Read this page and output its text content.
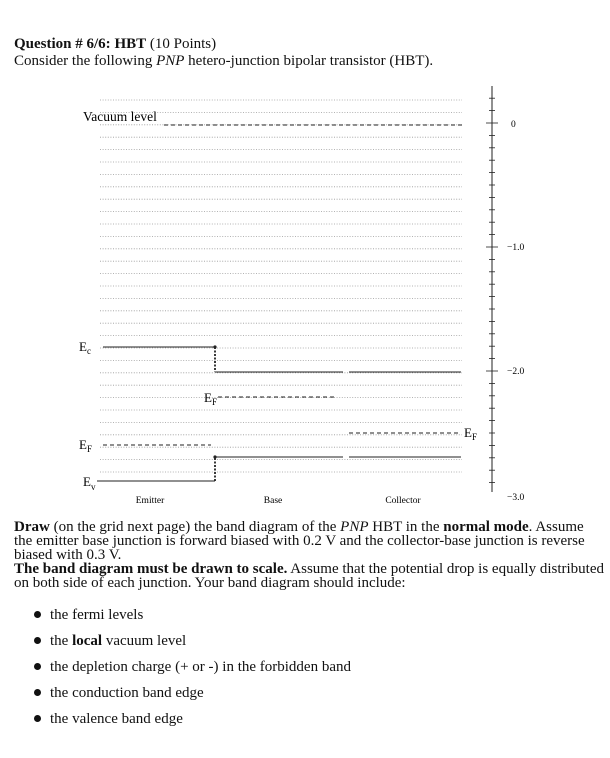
Question # 6/6: HBT (10 Points)
Consider the following PNP hetero-junction bipolar transistor (HBT).
Vacuum level
$E_c$
$E_F$
$E_F$
$E_F$
$E_v$
Emitter	Base	Collector
0
−1.0
−2.0
−3.0
Draw (on the grid next page) the band diagram of the PNP HBT in the normal mode. Assume the emitter base junction is forward biased with 0.2 V and the collector-base junction is reverse biased with 0.3 V.
The band diagram must be drawn to scale. Assume that the potential drop is equally distributed on both side of each junction. Your band diagram should include:
the fermi levels
the local vacuum level
the depletion charge (+ or -) in the forbidden band
the conduction band edge
the valence band edge
